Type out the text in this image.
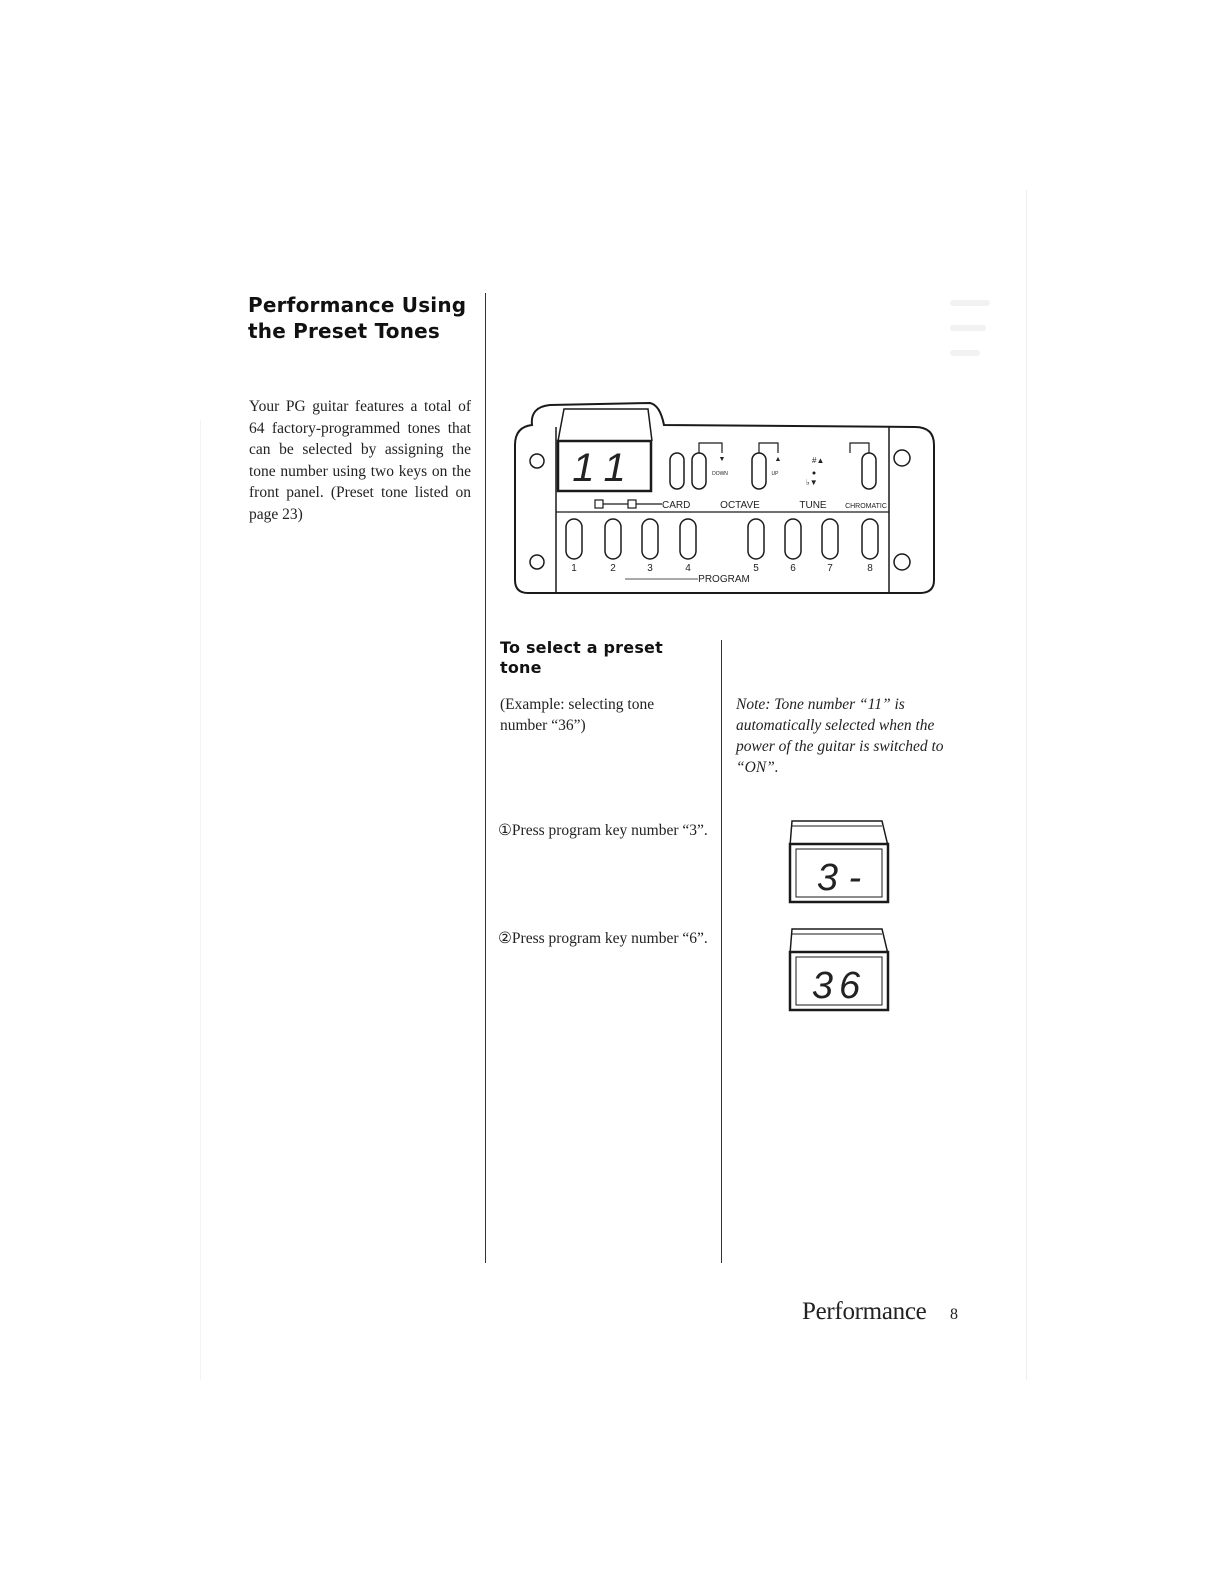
Performance Using
the Preset Tones
Your PG guitar features a total of 64 factory-programmed tones that can be selected by assigning the tone number using two keys on the front panel. (Preset tone listed on page 23)
11	▼	▲
DOWN	UP
#▲
♭▼
CARD	OCTAVE	TUNE	CHROMATIC
1	2	3	4	5	6	7	8
PROGRAM
To select a preset
tone
(Example: selecting tone number “36”)
①Press program key number “3”.
②Press program key number “6”.
Note: Tone number “11” is automatically selected when the power of the guitar is switched to “ON”.
3 -
36
Performance 8
